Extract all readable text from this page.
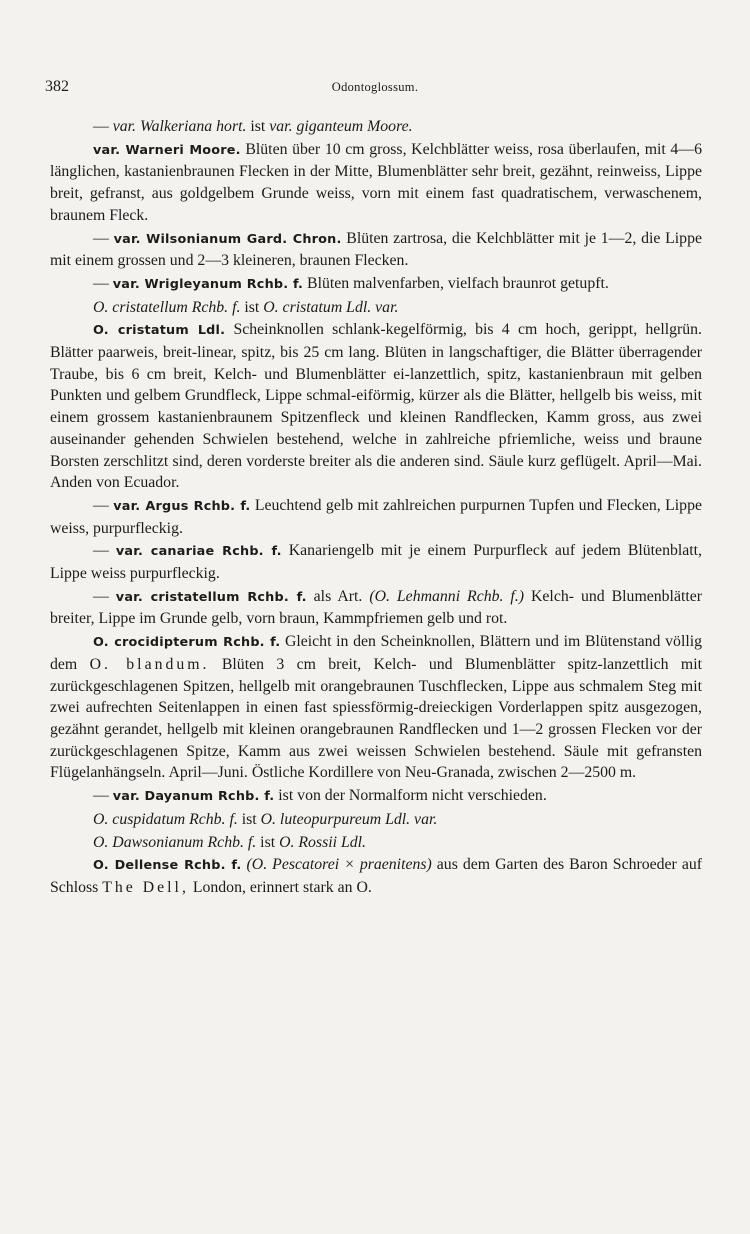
382	Odontoglossum.

— var. Walkeriana hort. ist var. giganteum Moore.

var. Warneri Moore. Blüten über 10 cm gross, Kelchblätter weiss, rosa überlaufen, mit 4—6 länglichen, kastanienbraunen Flecken in der Mitte, Blumenblätter sehr breit, gezähnt, reinweiss, Lippe breit, gefranst, aus goldgelbem Grunde weiss, vorn mit einem fast quadratischem, verwaschenem, braunem Fleck.

— var. Wilsonianum Gard. Chron. Blüten zartrosa, die Kelchblätter mit je 1—2, die Lippe mit einem grossen und 2—3 kleineren, braunen Flecken.

— var. Wrigleyanum Rchb. f. Blüten malvenfarben, vielfach braunrot getupft.

O. cristatellum Rchb. f. ist O. cristatum Ldl. var.

O. cristatum Ldl. Scheinknollen schlank-kegelförmig, bis 4 cm hoch, gerippt, hellgrün. Blätter paarweis, breit-linear, spitz, bis 25 cm lang. Blüten in langschaftiger, die Blätter überragender Traube, bis 6 cm breit, Kelch- und Blumenblätter ei-lanzettlich, spitz, kastanienbraun mit gelben Punkten und gelbem Grundfleck, Lippe schmal-eiförmig, kürzer als die Blätter, hellgelb bis weiss, mit einem grossem kastanienbraunem Spitzenfleck und kleinen Randflecken, Kamm gross, aus zwei auseinander gehenden Schwielen bestehend, welche in zahlreiche pfriemliche, weiss und braune Borsten zerschlitzt sind, deren vorderste breiter als die anderen sind. Säule kurz geflügelt. April—Mai. Anden von Ecuador.

— var. Argus Rchb. f. Leuchtend gelb mit zahlreichen purpurnen Tupfen und Flecken, Lippe weiss, purpurfleckig.

— var. canariae Rchb. f. Kanariengelb mit je einem Purpurfleck auf jedem Blütenblatt, Lippe weiss purpurfleckig.

— var. cristatellum Rchb. f. als Art. (O. Lehmanni Rchb. f.) Kelch- und Blumenblätter breiter, Lippe im Grunde gelb, vorn braun, Kammpfriemen gelb und rot.

O. crocidipterum Rchb. f. Gleicht in den Scheinknollen, Blättern und im Blütenstand völlig dem O. blandum. Blüten 3 cm breit, Kelch- und Blumenblätter spitz-lanzettlich mit zurückgeschlagenen Spitzen, hellgelb mit orangebraunen Tuschflecken, Lippe aus schmalem Steg mit zwei aufrechten Seitenlappen in einen fast spiessförmig-dreieckigen Vorderlappen spitz ausgezogen, gezähnt gerandet, hellgelb mit kleinen orangebraunen Randflecken und 1—2 grossen Flecken vor der zurückgeschlagenen Spitze, Kamm aus zwei weissen Schwielen bestehend. Säule mit gefransten Flügelanhängseln. April—Juni. Östliche Kordillere von Neu-Granada, zwischen 2—2500 m.

— var. Dayanum Rchb. f. ist von der Normalform nicht verschieden.

O. cuspidatum Rchb. f. ist O. luteopurpureum Ldl. var.

O. Dawsonianum Rchb. f. ist O. Rossii Ldl.

O. Dellense Rchb. f. (O. Pescatorei × praenitens) aus dem Garten des Baron Schroeder auf Schloss The Dell, London, erinnert stark an O.
